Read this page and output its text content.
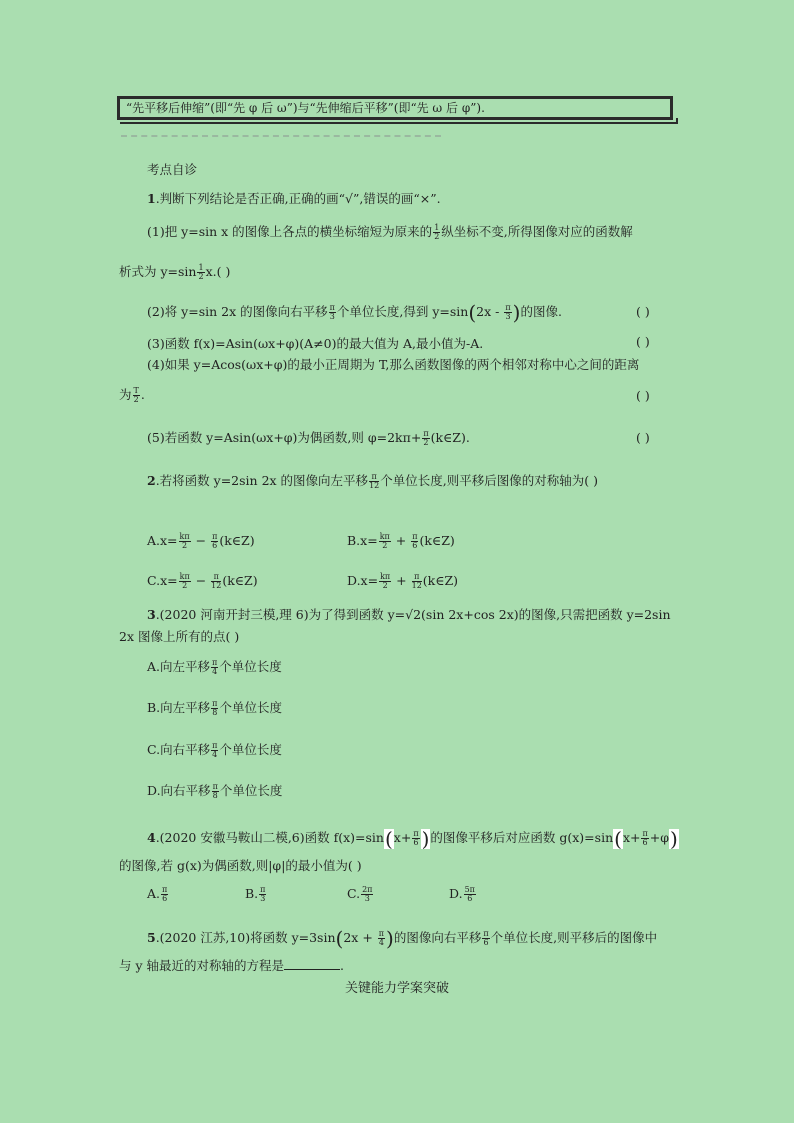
“先平移后伸缩”(即“先 φ 后 ω”)与“先伸缩后平移”(即“先 ω 后 φ”).
考点自诊
1.判断下列结论是否正确,正确的画“√”,错误的画“×”.
(1)把 y=sin x 的图像上各点的横坐标缩短为原来的 $\frac{1}{2}$ 纵坐标不变,所得图像对应的函数解
析式为 $y=\sin \frac{1}{2} x$.( )
(2)将 y=sin 2x 的图像向右平移 $\frac{\pi}{3}$ 个单位长度,得到 $y=\sin(2x - \frac{\pi}{3}$ )的图像.	( )
(3)函数 f(x)=Asin(ωx+φ)(A≠0)的最大值为 A,最小值为-A.	( )
(4)如果 y=Acos(ωx+φ)的最小正周期为 T,那么函数图像的两个相邻对称中心之间的距离
为 $\frac{T}{2}$ .	( )
(5)若函数 y=Asin(ωx+φ)为偶函数,则 $\varphi=2k\pi+ \frac{\pi}{2}$ (k∈Z).	( )
2.若将函数 y=2sin 2x 的图像向左平移 $\frac{\pi}{12}$ 个单位长度,则平移后图像的对称轴为( )
$A.x= \frac{k\pi}{2} - \frac{\pi}{6}$ (k∈Z)	$B.x= \frac{k\pi}{2} + \frac{\pi}{6}$ (k∈Z)
$C.x= \frac{k\pi}{2} - \frac{\pi}{12}$ (k∈Z)	$D.x= \frac{k\pi}{2} + \frac{\pi}{12}$ (k∈Z)
3.(2020 河南开封三模,理 6)为了得到函数 y=√2(sin 2x+cos 2x)的图像,只需把函数 y=2sin
2x 图像上所有的点( )
A.向左平移 $\frac{\pi}{4}$ 个单位长度
B.向左平移 $\frac{\pi}{8}$ 个单位长度
C.向右平移 $\frac{\pi}{4}$ 个单位长度
D.向右平移 $\frac{\pi}{8}$ 个单位长度
4.(2020 安徽马鞍山二模,6)函数 $f(x)=\sin(x+ \frac{\pi}{6}$ )的图像平移后对应函数 $g(x)=\sin(x+ \frac{\pi}{6} +\varphi)$
的图像,若 g(x)为偶函数,则|φ|的最小值为( )
A. $\frac{\pi}{6}$	B. $\frac{\pi}{3}$	C. $\frac{2\pi}{3}$	D. $\frac{5\pi}{6}$
5.(2020 江苏,10)将函数 $y=3\sin(2x + \frac{\pi}{4}$ )的图像向右平移 $\frac{\pi}{6}$ 个单位长度,则平移后的图像中
与 y 轴最近的对称轴的方程是	.
关键能力学案突破
